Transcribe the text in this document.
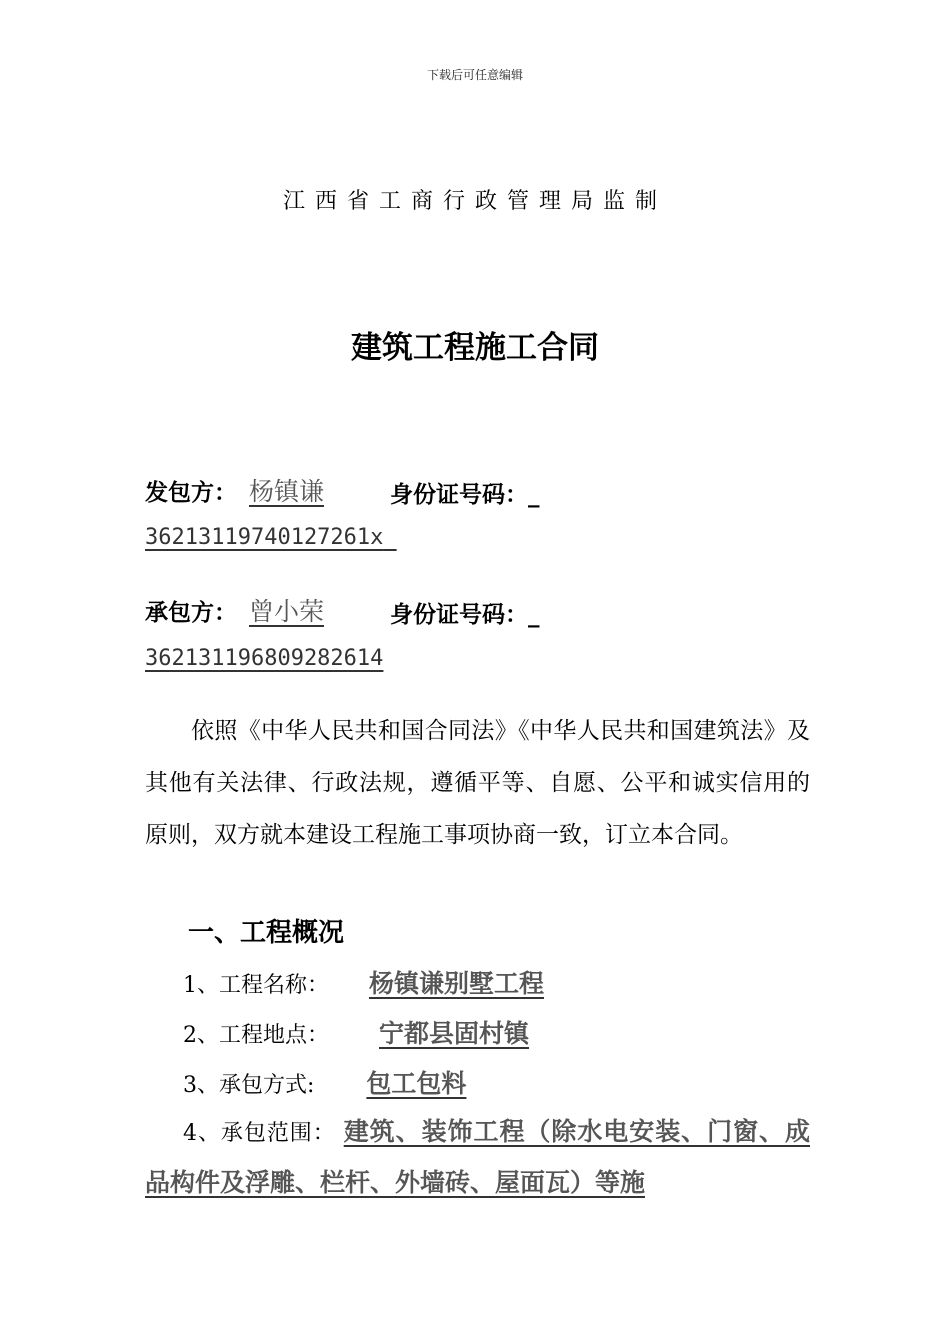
下载后可任意编辑
江西省工商行政管理局监制
建筑工程施工合同
发包方： 杨镇谦	身份证号码：_
36213119740127261x
承包方： 曾小荣	身份证号码：_
362131196809282614

依照《中华人民共和国合同法》《中华人民共和国建筑法》及其他有关法律、行政法规，遵循平等、自愿、公平和诚实信用的原则，双方就本建设工程施工事项协商一致，订立本合同。

一、工程概况
1、工程名称： 杨镇谦别墅工程
2、工程地点： 宁都县固村镇
3、承包方式: 包工包料

4、承包范围： 建筑、装饰工程（除水电安装、门窗、成品构件及浮雕、栏杆、外墙砖、屋面瓦）等施
